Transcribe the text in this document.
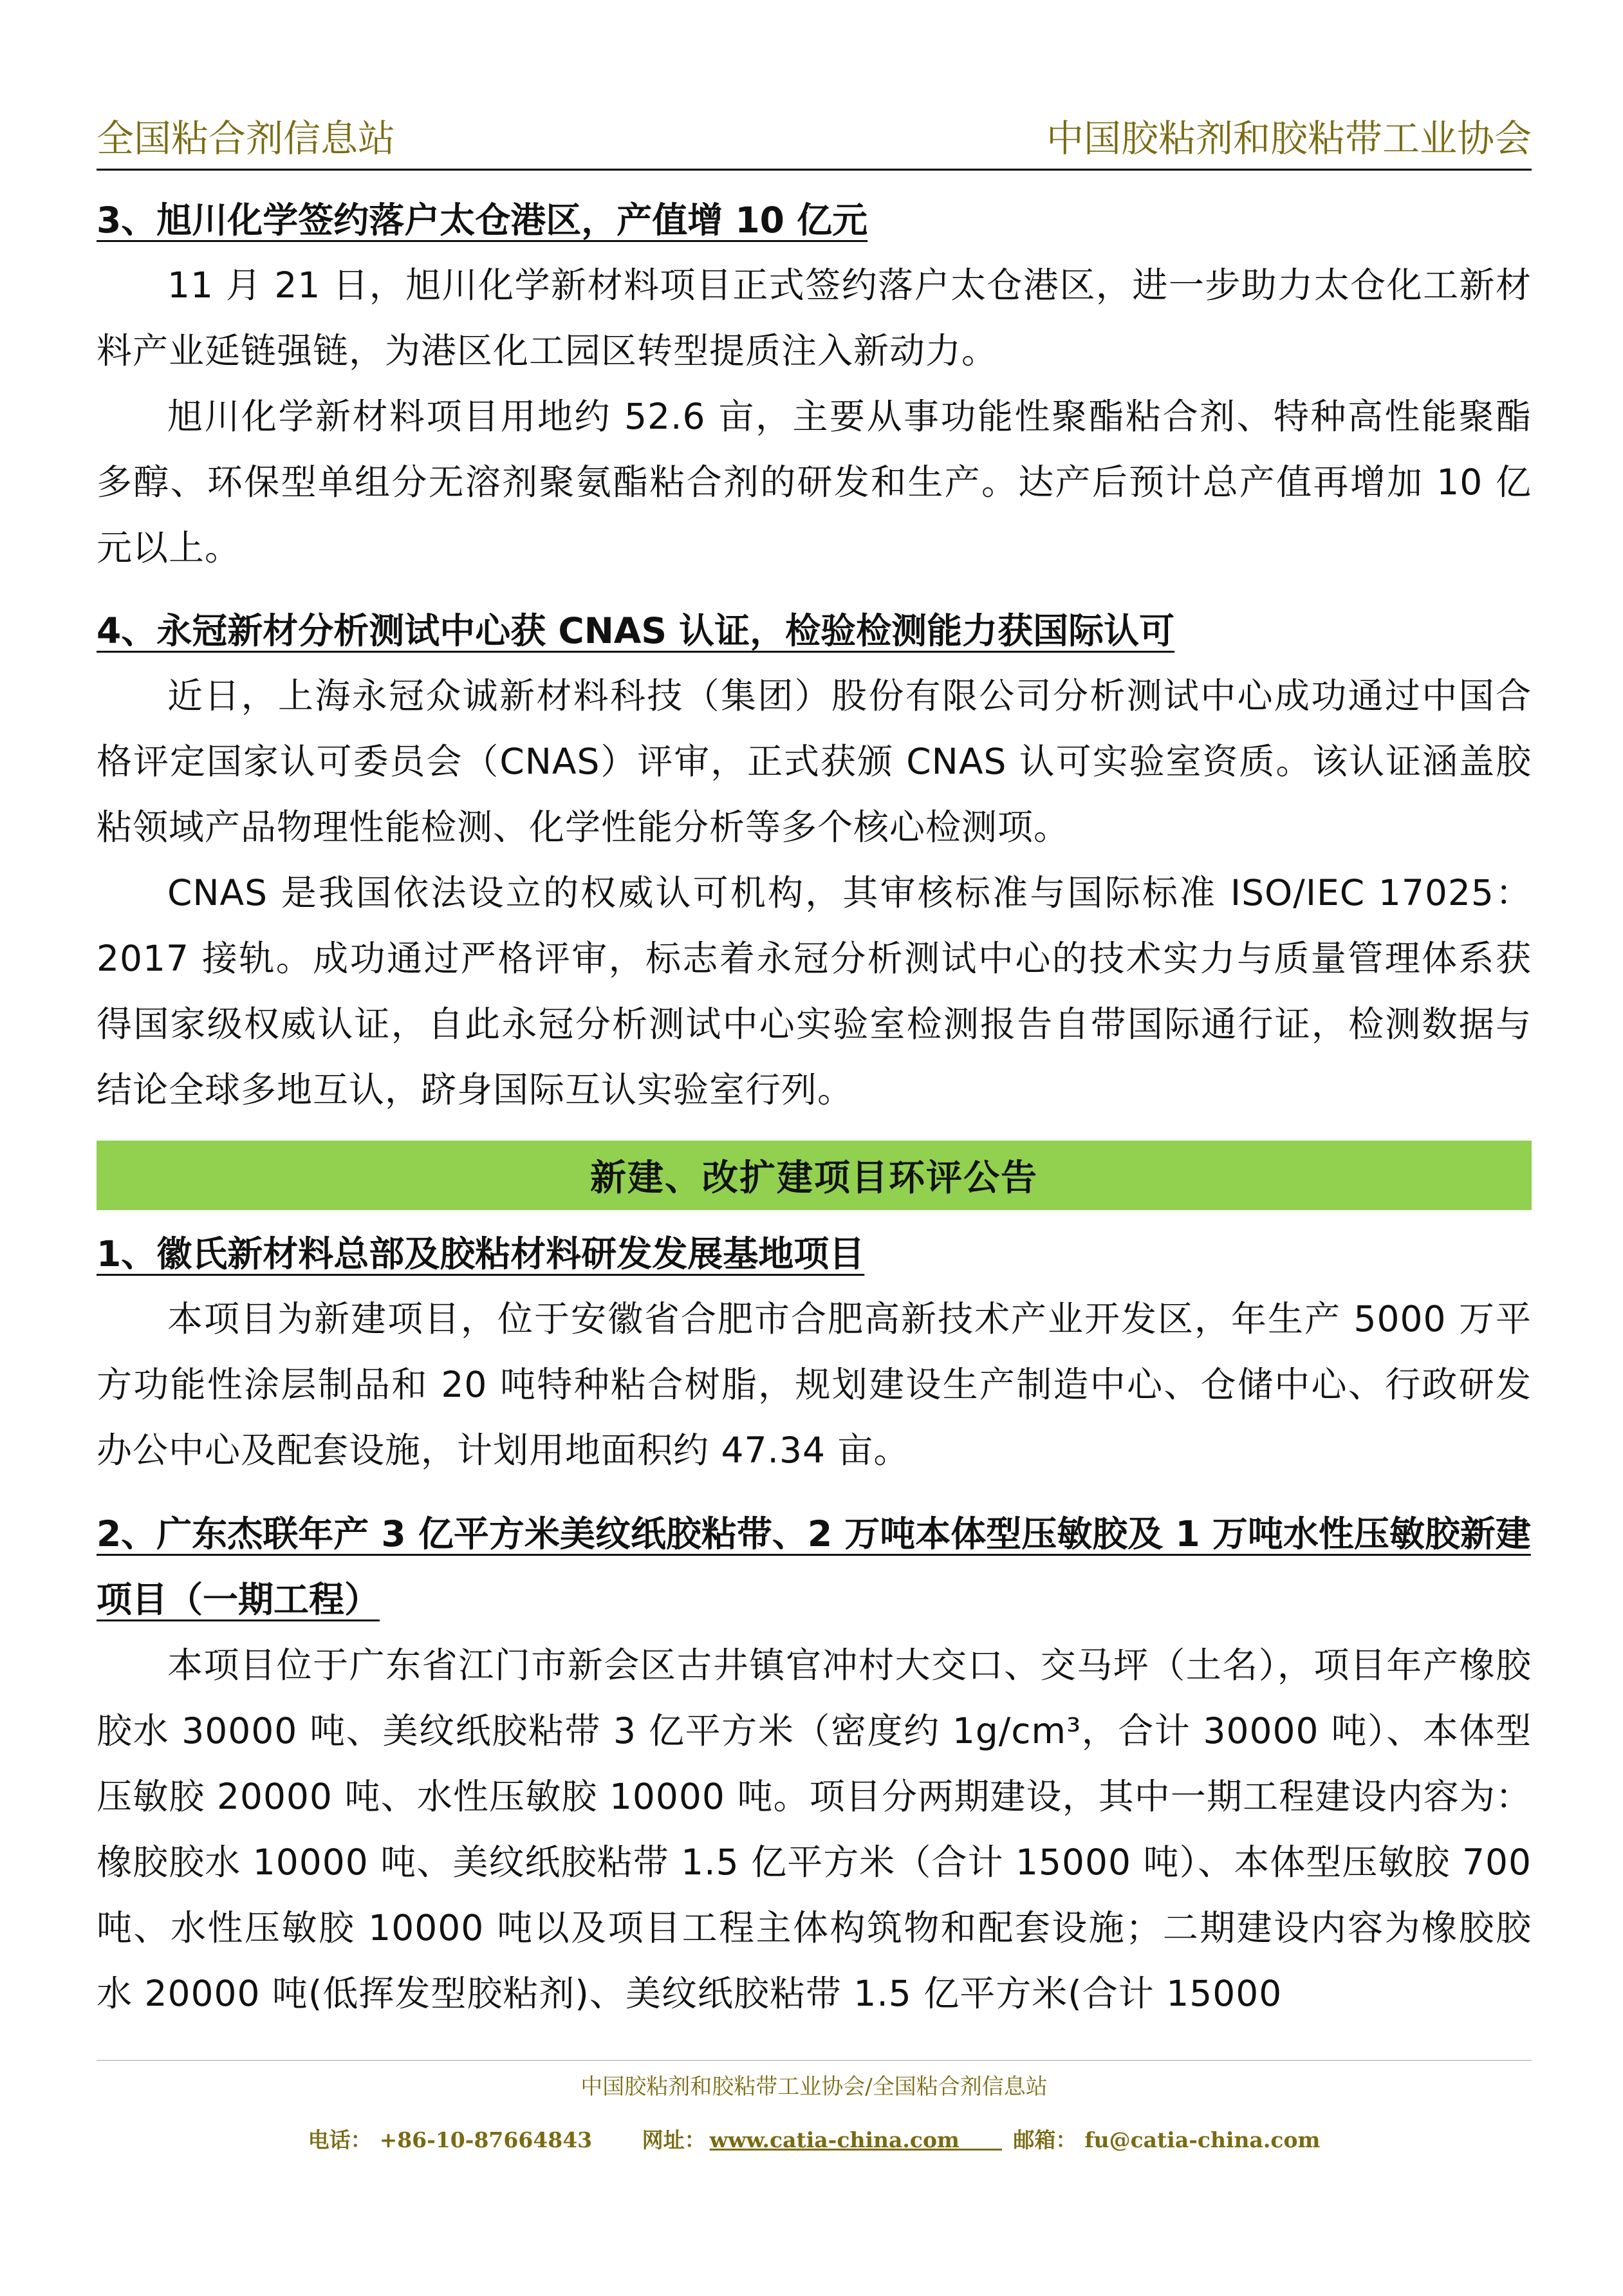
全国粘合剂信息站	中国胶粘剂和胶粘带工业协会
3、旭川化学签约落户太仓港区，产值增 10 亿元

11 月 21 日，旭川化学新材料项目正式签约落户太仓港区，进一步助力太仓化工新材料产业延链强链，为港区化工园区转型提质注入新动力。

旭川化学新材料项目用地约 52.6 亩，主要从事功能性聚酯粘合剂、特种高性能聚酯多醇、环保型单组分无溶剂聚氨酯粘合剂的研发和生产。达产后预计总产值再增加 10 亿元以上。

4、永冠新材分析测试中心获 CNAS 认证，检验检测能力获国际认可

近日，上海永冠众诚新材料科技（集团）股份有限公司分析测试中心成功通过中国合格评定国家认可委员会（CNAS）评审，正式获颁 CNAS 认可实验室资质。该认证涵盖胶粘领域产品物理性能检测、化学性能分析等多个核心检测项。

CNAS 是我国依法设立的权威认可机构，其审核标准与国际标准 ISO/IEC 17025：2017 接轨。成功通过严格评审，标志着永冠分析测试中心的技术实力与质量管理体系获得国家级权威认证，自此永冠分析测试中心实验室检测报告自带国际通行证，检测数据与结论全球多地互认，跻身国际互认实验室行列。

新建、改扩建项目环评公告
1、徽氏新材料总部及胶粘材料研发发展基地项目

本项目为新建项目，位于安徽省合肥市合肥高新技术产业开发区，年生产 5000 万平方功能性涂层制品和 20 吨特种粘合树脂，规划建设生产制造中心、仓储中心、行政研发办公中心及配套设施，计划用地面积约 47.34 亩。

2、广东杰联年产 3 亿平方米美纹纸胶粘带、2 万吨本体型压敏胶及 1 万吨水性压敏胶新建项目（一期工程）

本项目位于广东省江门市新会区古井镇官冲村大交口、交马坪（土名），项目年产橡胶胶水 30000 吨、美纹纸胶粘带 3 亿平方米（密度约 1g/cm³，合计 30000 吨）、本体型压敏胶 20000 吨、水性压敏胶 10000 吨。项目分两期建设，其中一期工程建设内容为：橡胶胶水 10000 吨、美纹纸胶粘带 1.5 亿平方米（合计 15000 吨）、本体型压敏胶 700 吨、水性压敏胶 10000 吨以及项目工程主体构筑物和配套设施；二期建设内容为橡胶胶水 20000 吨(低挥发型胶粘剂)、美纹纸胶粘带 1.5 亿平方米(合计 15000

中国胶粘剂和胶粘带工业协会/全国粘合剂信息站
电话： +86-10-87664843 网址： www.catia-china.com	邮箱： fu@catia-china.com
